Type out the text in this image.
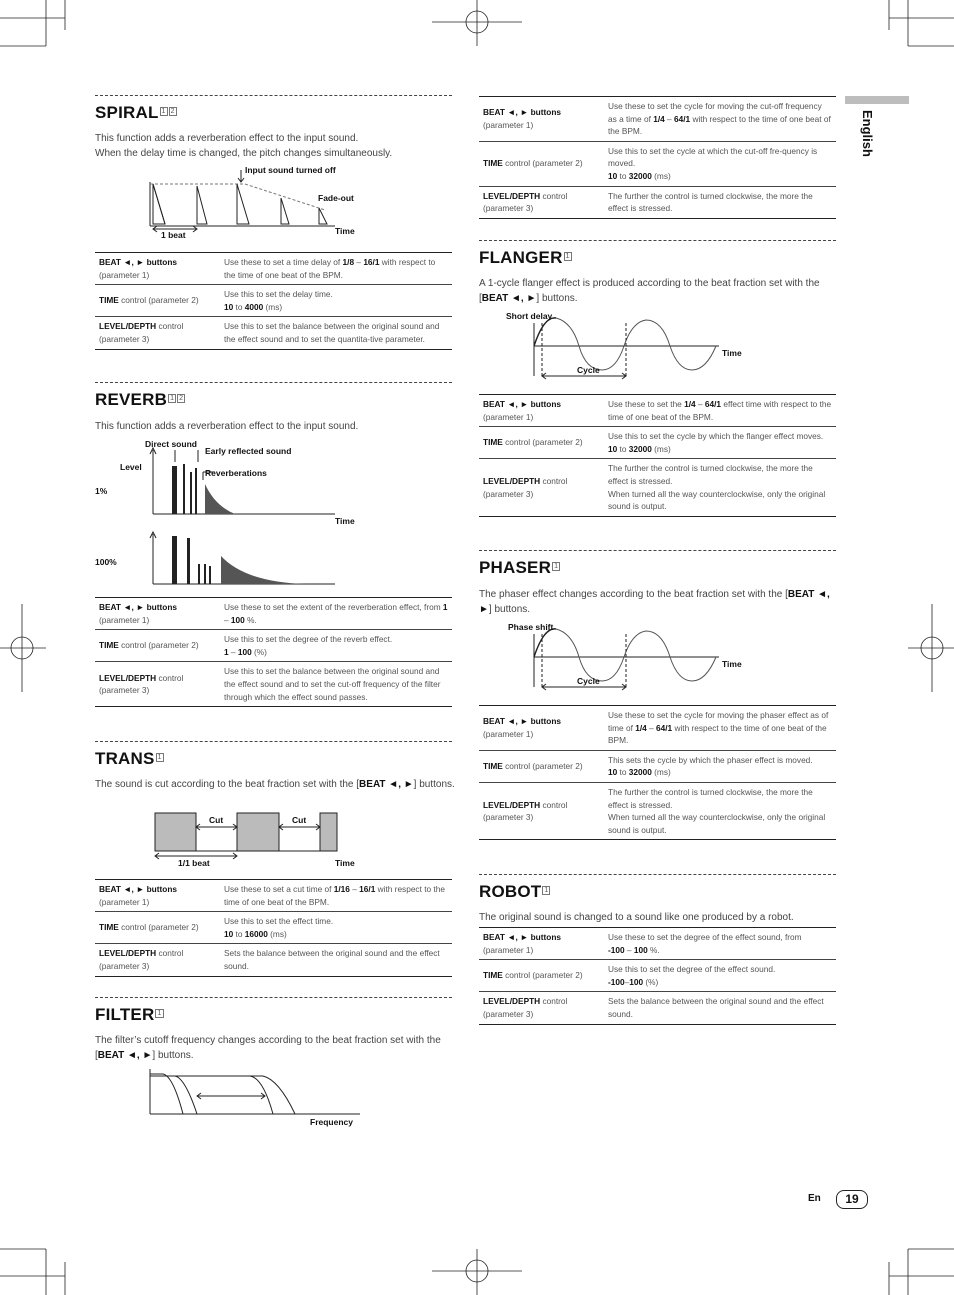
English
SPIRAL $^1$ $^2$
This function adds a reverberation effect to the input sound.
When the delay time is changed, the pitch changes simultaneously.
Input sound turned off
Fade-out
1 beat	Time
BEAT ◄, ► buttons
(parameter 1)	Use these to set a time delay of 1/8 – 16/1 with respect to the time of one beat of the BPM.
TIME control (parameter 2)	Use this to set the delay time.
10 to 4000 (ms)
LEVEL/DEPTH control (parameter 3)	Use this to set the balance between the original sound and the effect sound and to set the quantita-tive parameter.
REVERB $^1$ $^2$
This function adds a reverberation effect to the input sound.
Direct sound
Early reflected sound
Level
Reverberations
1%
100%
Time
BEAT ◄, ► buttons
(parameter 1)	Use these to set the extent of the reverberation effect, from 1 – 100 %.
TIME control (parameter 2)	Use this to set the degree of the reverb effect.
1 – 100 (%)
LEVEL/DEPTH control (parameter 3)	Use this to set the balance between the original sound and the effect sound and to set the cut-off frequency of the filter through which the effect sound passes.
TRANS $^1$
The sound is cut according to the beat fraction set with the [BEAT ◄, ►] buttons.
Cut	Cut
1/1 beat	Time
BEAT ◄, ► buttons
(parameter 1)	Use these to set a cut time of 1/16 – 16/1 with respect to the time of one beat of the BPM.
TIME control (parameter 2)	Use this to set the effect time.
10 to 16000 (ms)
LEVEL/DEPTH control (parameter 3)	Sets the balance between the original sound and the effect sound.
FILTER $^1$
The filter’s cutoff frequency changes according to the beat fraction set with the [BEAT ◄, ►] buttons.
Frequency
BEAT ◄, ► buttons
(parameter 1)	Use these to set the cycle for moving the cut-off frequency as a time of 1/4 – 64/1 with respect to the time of one beat of the BPM.
TIME control (parameter 2)	Use this to set the cycle at which the cut-off fre-quency is moved.
10 to 32000 (ms)
LEVEL/DEPTH control (parameter 3)	The further the control is turned clockwise, the more the effect is stressed.
FLANGER $^1$
A 1-cycle flanger effect is produced according to the beat fraction set with the [BEAT ◄, ►] buttons.
Short delay
Cycle
Time
BEAT ◄, ► buttons
(parameter 1)	Use these to set the 1/4 – 64/1 effect time with respect to the time of one beat of the BPM.
TIME control (parameter 2)	Use this to set the cycle by which the flanger effect moves.
10 to 32000 (ms)
LEVEL/DEPTH control (parameter 3)	The further the control is turned clockwise, the more the effect is stressed.
When turned all the way counterclockwise, only the original sound is output.
PHASER $^1$
The phaser effect changes according to the beat fraction set with the [BEAT ◄, ►] buttons.
Phase shift
Cycle
Time
BEAT ◄, ► buttons
(parameter 1)	Use these to set the cycle for moving the phaser effect as of time of 1/4 – 64/1 with respect to the time of one beat of the BPM.
TIME control (parameter 2)	This sets the cycle by which the phaser effect is moved.
10 to 32000 (ms)
LEVEL/DEPTH control (parameter 3)	The further the control is turned clockwise, the more the effect is stressed.
When turned all the way counterclockwise, only the original sound is output.
ROBOT $^1$
The original sound is changed to a sound like one produced by a robot.
BEAT ◄, ► buttons
(parameter 1)	Use these to set the degree of the effect sound, from
-100 – 100 %.
TIME control (parameter 2)	Use this to set the degree of the effect sound.
-100–100 (%)
LEVEL/DEPTH control (parameter 3)	Sets the balance between the original sound and the effect sound.
En	19
